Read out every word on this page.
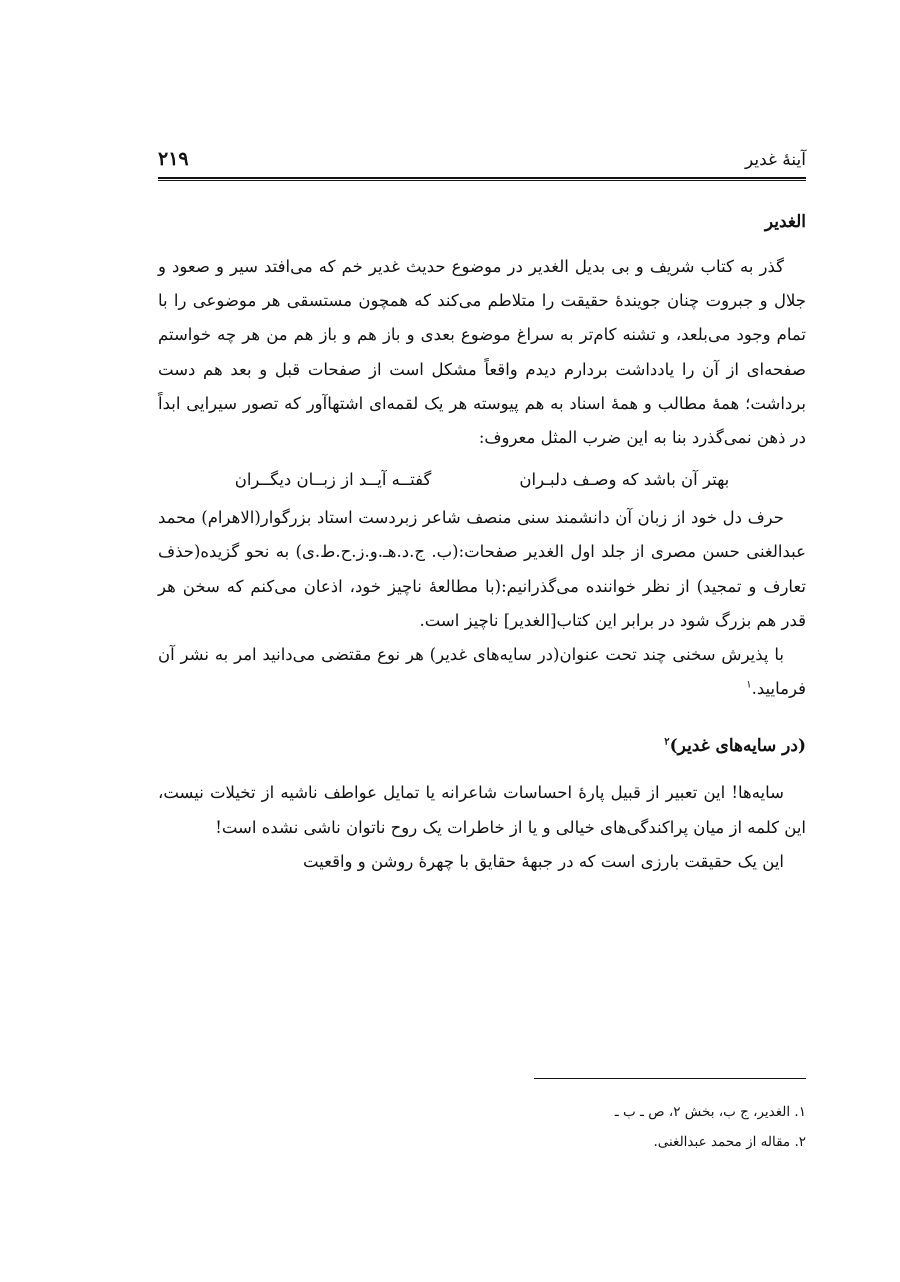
آینهٔ غدیر
۲۱۹
الغدیر

گذر به کتاب شریف و بی بدیل الغدیر در موضوع حدیث غدیر خم که می‌افتد سیر و صعود و جلال و جبروت چنان جویندهٔ حقیقت را متلاطم می‌کند که همچون مستسقی هر موضوعی را با تمام وجود می‌بلعد، و تشنه کام‌تر به سراغ موضوع بعدی و باز هم و باز هم من هر چه خواستم صفحه‌ای از آن را یادداشت بردارم دیدم واقعاً مشکل است از صفحات قبل و بعد هم دست برداشت؛ همهٔ مطالب و همهٔ اسناد به هم پیوسته هر یک لقمه‌ای اشتهاآور که تصور سیرایی ابداً در ذهن نمی‌گذرد بنا به این ضرب المثل معروف:

بهتر آن باشد که وصـف دلبـران
گفتــه آیــد از زبــان دیگــران

حرف دل خود از زبان آن دانشمند سنی منصف شاعر زبردست استاد بزرگوار(الاهرام) محمد عبدالغنی حسن مصری از جلد اول الغدیر صفحات:(ب. ج.د.هـ.و.ز.ح.ط.ی) به نحو گزیده(حذف تعارف و تمجید) از نظر خواننده می‌گذرانیم:(با مطالعهٔ ناچیز خود، اذعان می‌کنم که سخن هر قدر هم بزرگ شود در برابر این کتاب[الغدیر] ناچیز است.

با پذیرش سخنی چند تحت عنوان(در سایه‌های غدیر) هر نوع مقتضی می‌دانید امر به نشر آن فرمایید.$^۱$

(در سایه‌های غدیر)$^۲$

سایه‌ها! این تعبیر از قبیل پارهٔ احساسات شاعرانه یا تمایل عواطف ناشیه از تخیلات نیست، این کلمه از میان پراکندگی‌های خیالی و یا از خاطرات یک روح ناتوان ناشی نشده است!

این یک حقیقت بارزی است که در جبههٔ حقایق با چهرهٔ روشن و واقعیت

۱. الغدیر، ج ب، بخش ۲، ص ـ ب ـ

۲. مقاله از محمد عبدالغنی.
